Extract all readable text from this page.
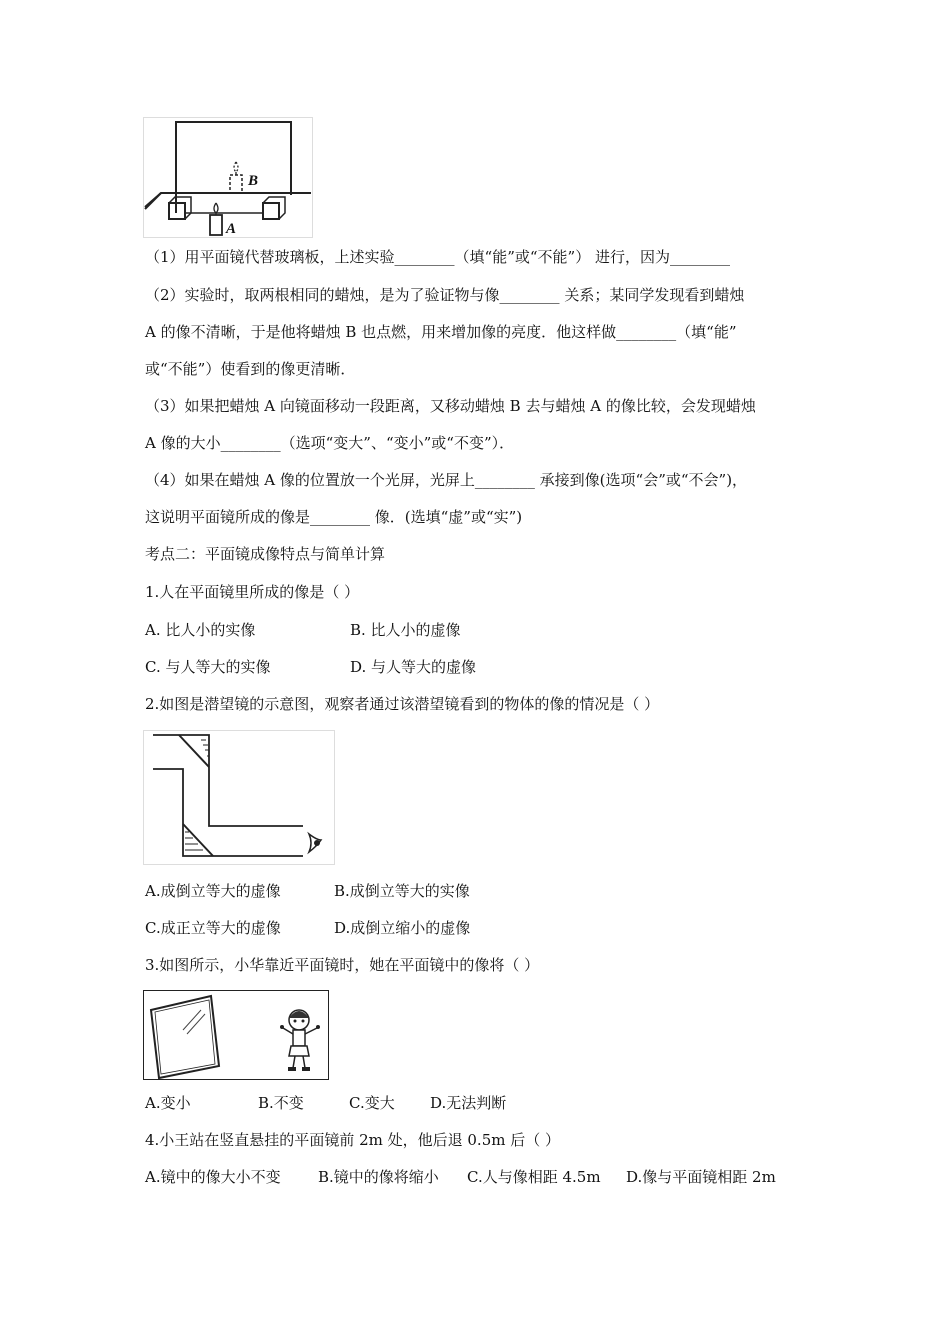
B
A
（1）用平面镜代替玻璃板，上述实验________（填“能”或“不能”） 进行，因为________
（2）实验时，取两根相同的蜡烛，是为了验证物与像________ 关系；某同学发现看到蜡烛
A 的像不清晰，于是他将蜡烛 B 也点燃，用来增加像的亮度．他这样做________（填“能”
或“不能”）使看到的像更清晰．
（3）如果把蜡烛 A 向镜面移动一段距离，又移动蜡烛 B 去与蜡烛 A 的像比较，会发现蜡烛
A 像的大小________（选项“变大”、“变小”或“不变”）．
（4）如果在蜡烛 A 像的位置放一个光屏，光屏上________ 承接到像(选项“会”或“不会”)，
这说明平面镜所成的像是________ 像．(选填“虚”或“实”)
考点二：平面镜成像特点与简单计算
1.人在平面镜里所成的像是（ ）
A. 比人小的实像	B. 比人小的虚像
C. 与人等大的实像	D. 与人等大的虚像
2.如图是潜望镜的示意图，观察者通过该潜望镜看到的物体的像的情况是（ ）
A.成倒立等大的虚像	B.成倒立等大的实像
C.成正立等大的虚像	D.成倒立缩小的虚像
3.如图所示，小华靠近平面镜时，她在平面镜中的像将（ ）
A.变小	B.不变	C.变大 D.无法判断
4.小王站在竖直悬挂的平面镜前 2m 处，他后退 0.5m 后（ ）
A.镜中的像大小不变 B.镜中的像将缩小 C.人与像相距 4.5m D.像与平面镜相距 2m
